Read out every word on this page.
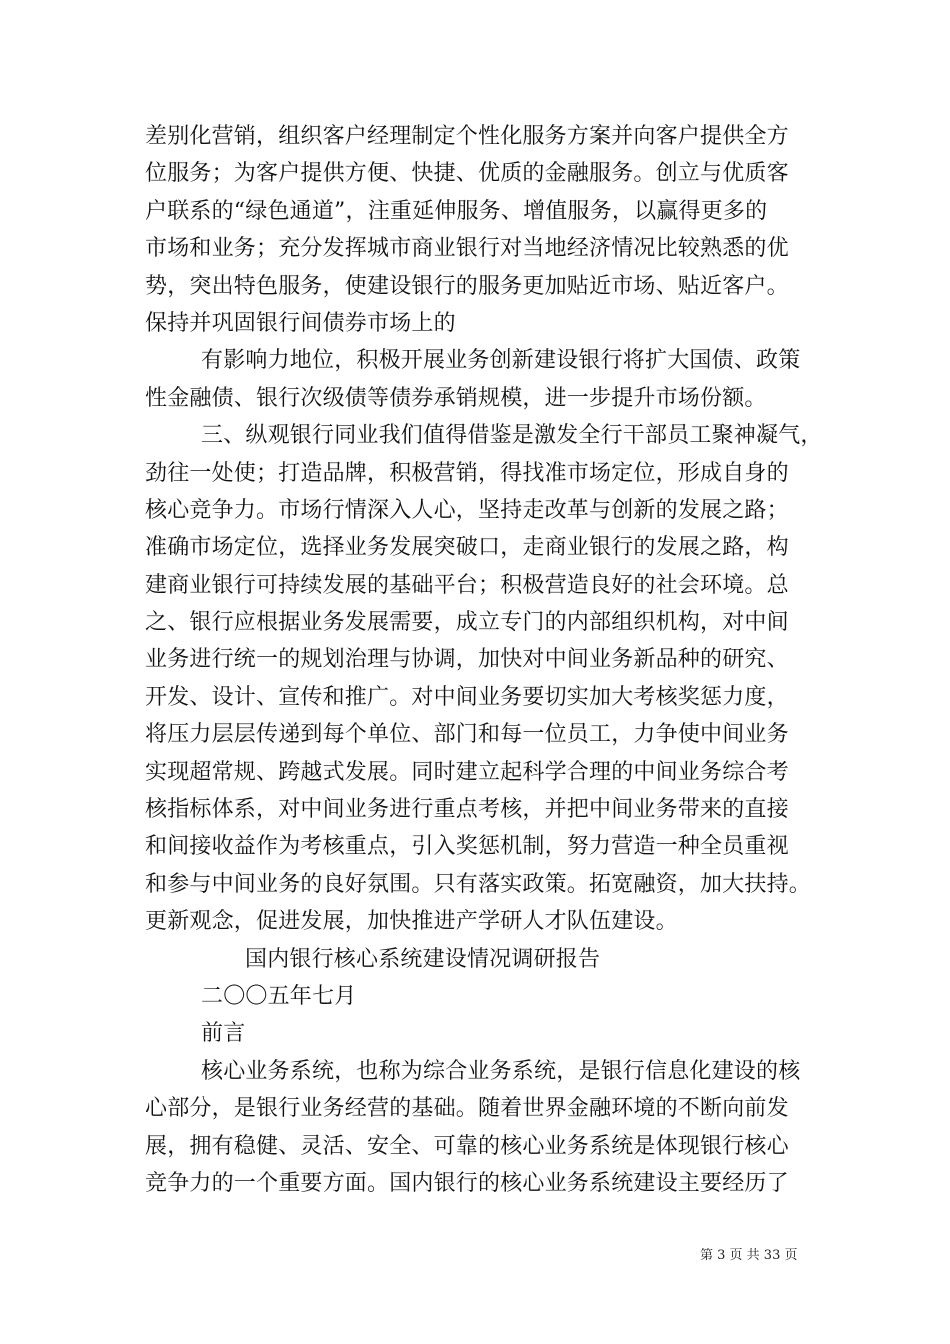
差别化营销，组织客户经理制定个性化服务方案并向客户提供全方
位服务；为客户提供方便、快捷、优质的金融服务。创立与优质客
户联系的“绿色通道”，注重延伸服务、增值服务，以赢得更多的
市场和业务；充分发挥城市商业银行对当地经济情况比较熟悉的优
势，突出特色服务，使建设银行的服务更加贴近市场、贴近客户。
保持并巩固银行间债券市场上的
有影响力地位，积极开展业务创新建设银行将扩大国债、政策
性金融债、银行次级债等债券承销规模，进一步提升市场份额。
三、纵观银行同业我们值得借鉴是激发全行干部员工聚神凝气，
劲往一处使；打造品牌，积极营销，得找准市场定位，形成自身的
核心竞争力。市场行情深入人心，坚持走改革与创新的发展之路；
准确市场定位，选择业务发展突破口，走商业银行的发展之路，构
建商业银行可持续发展的基础平台；积极营造良好的社会环境。总
之、银行应根据业务发展需要，成立专门的内部组织机构，对中间
业务进行统一的规划治理与协调，加快对中间业务新品种的研究、
开发、设计、宣传和推广。对中间业务要切实加大考核奖惩力度，
将压力层层传递到每个单位、部门和每一位员工，力争使中间业务
实现超常规、跨越式发展。同时建立起科学合理的中间业务综合考
核指标体系，对中间业务进行重点考核，并把中间业务带来的直接
和间接收益作为考核重点，引入奖惩机制，努力营造一种全员重视
和参与中间业务的良好氛围。只有落实政策。拓宽融资，加大扶持。
更新观念，促进发展，加快推进产学研人才队伍建设。
国内银行核心系统建设情况调研报告
二〇〇五年七月
前言
核心业务系统，也称为综合业务系统，是银行信息化建设的核
心部分，是银行业务经营的基础。随着世界金融环境的不断向前发
展，拥有稳健、灵活、安全、可靠的核心业务系统是体现银行核心
竞争力的一个重要方面。国内银行的核心业务系统建设主要经历了
第 3 页 共 33 页
